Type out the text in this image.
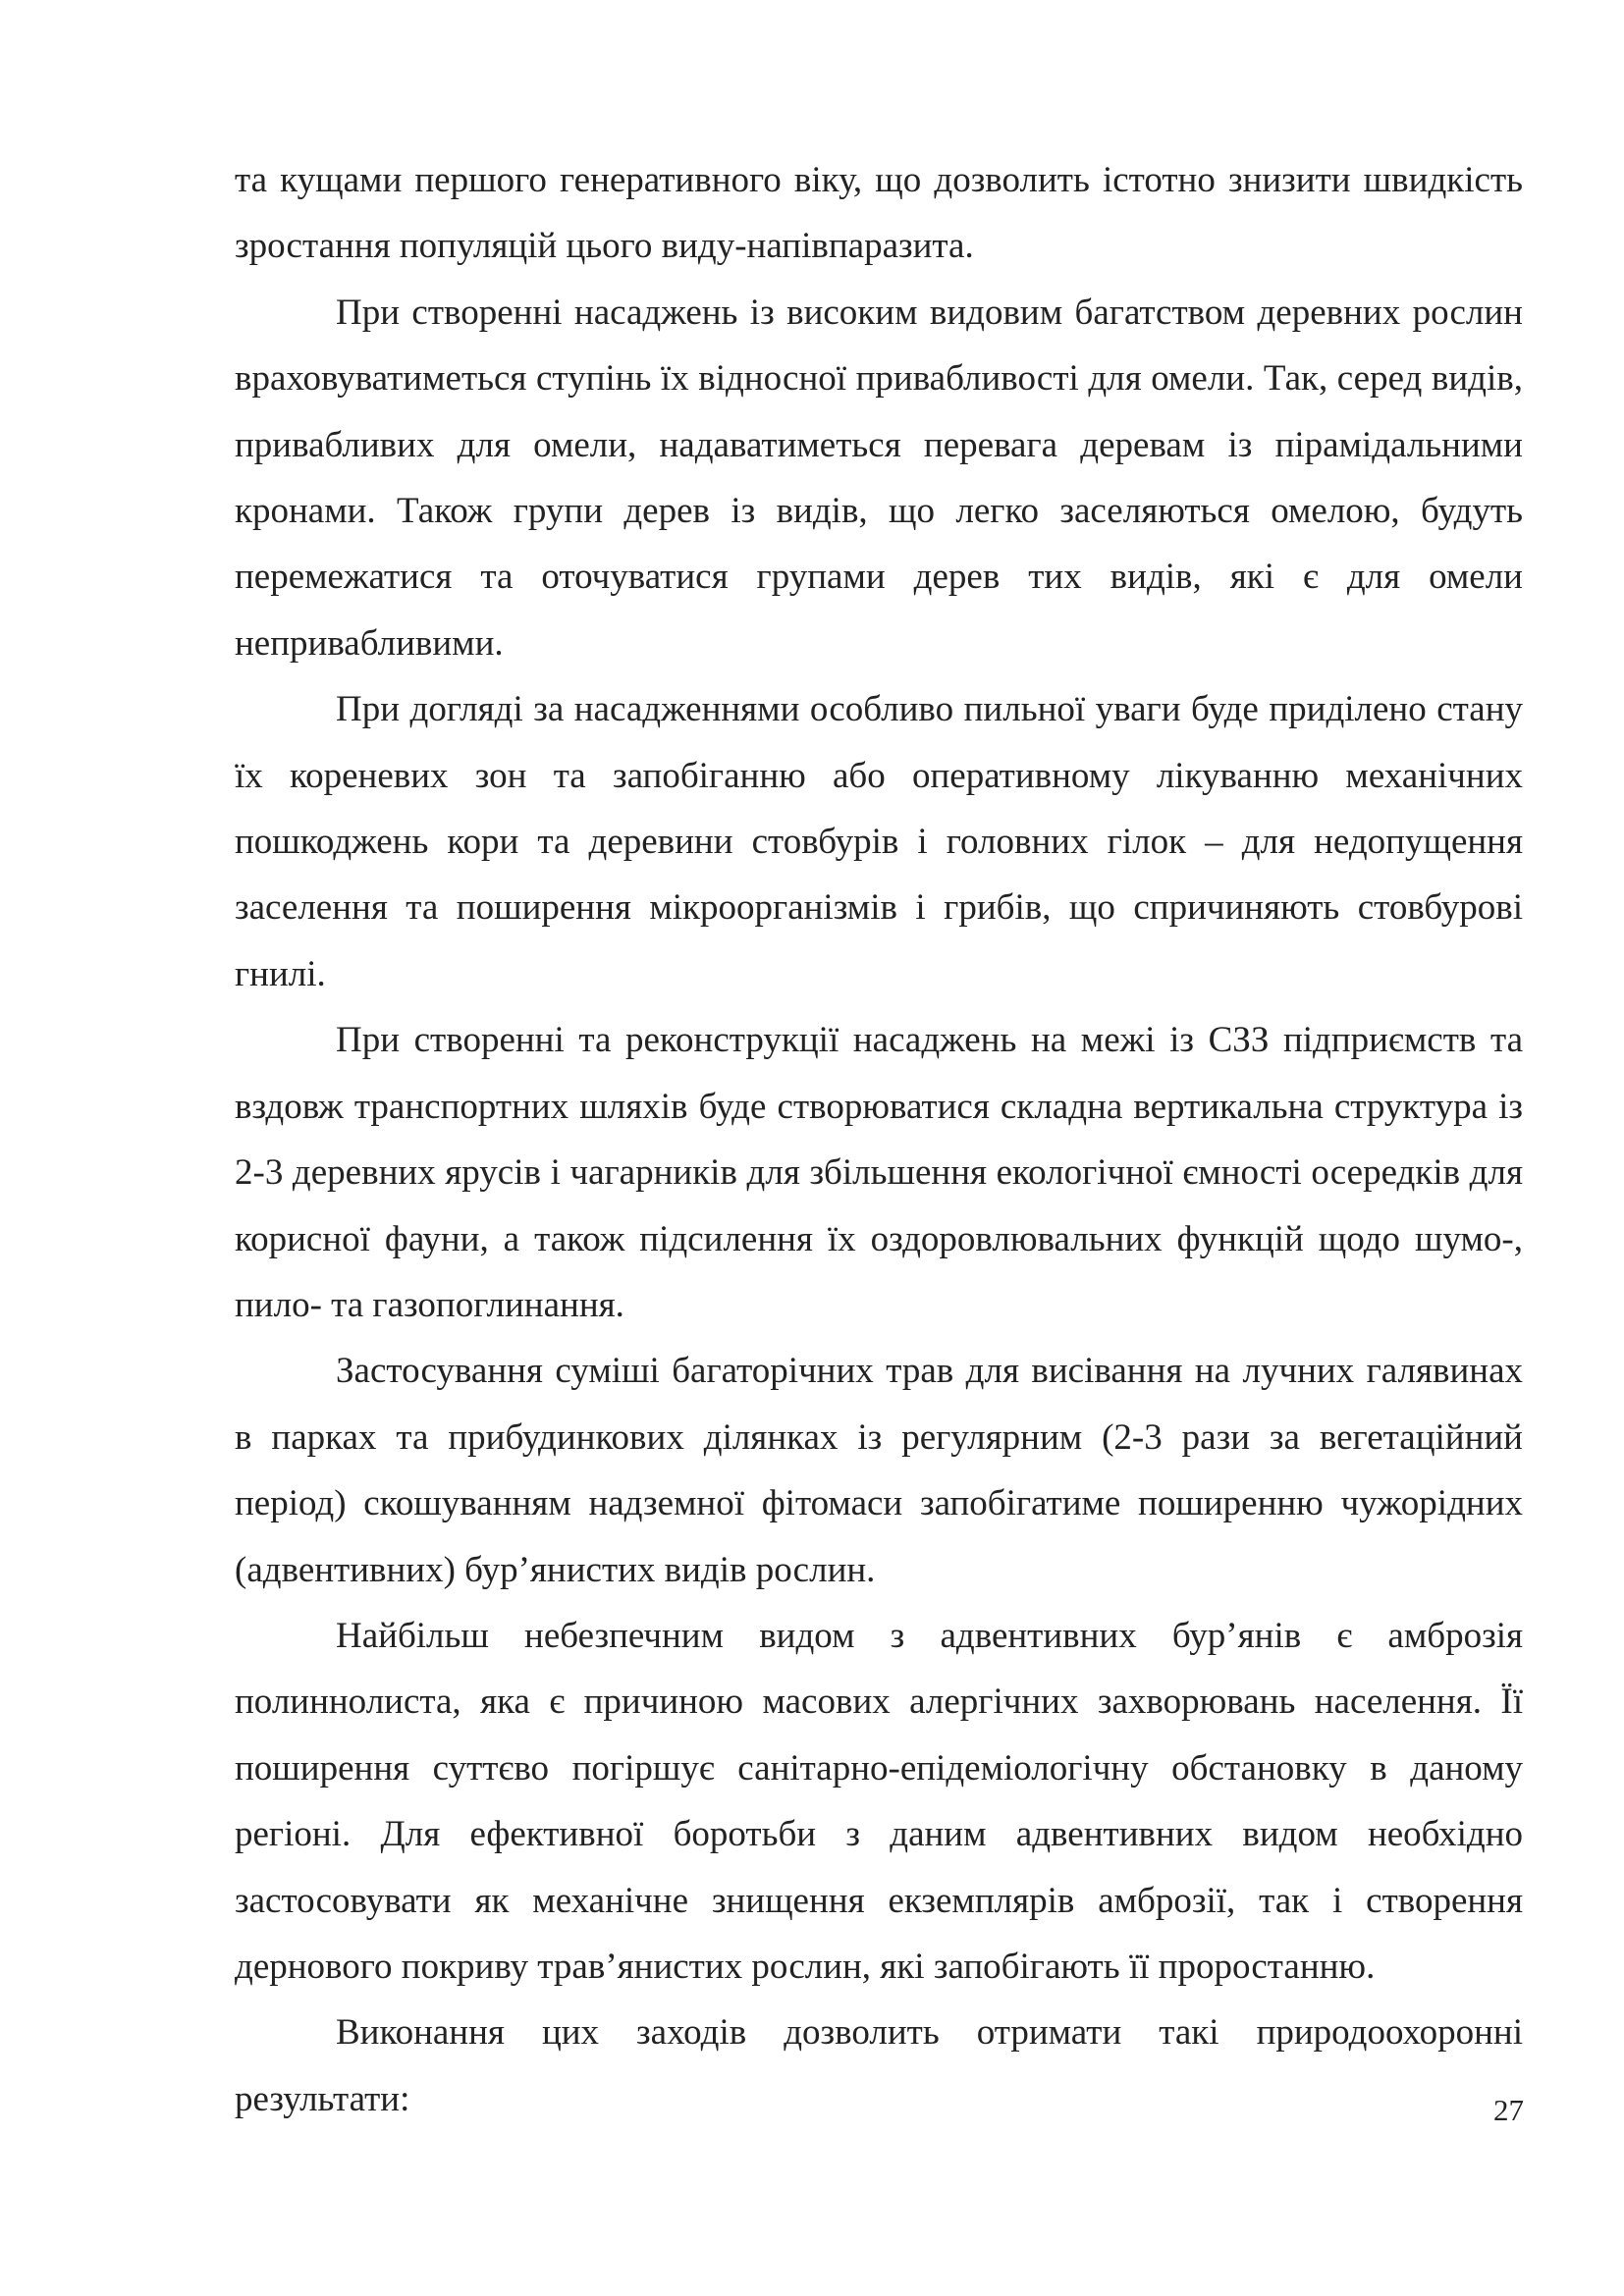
та кущами першого генеративного віку, що дозволить істотно знизити швидкість зростання популяцій цього виду-напівпаразита.

При створенні насаджень із високим видовим багатством деревних рослин враховуватиметься ступінь їх відносної привабливості для омели. Так, серед видів, привабливих для омели, надаватиметься перевага деревам із пірамідальними кронами. Також групи дерев із видів, що легко заселяються омелою, будуть перемежатися та оточуватися групами дерев тих видів, які є для омели непривабливими.

При догляді за насадженнями особливо пильної уваги буде приділено стану їх кореневих зон та запобіганню або оперативному лікуванню механічних пошкоджень кори та деревини стовбурів і головних гілок – для недопущення заселення та поширення мікроорганізмів і грибів, що спричиняють стовбурові гнилі.

При створенні та реконструкції насаджень на межі із СЗЗ підприємств та вздовж транспортних шляхів буде створюватися складна вертикальна структура із 2-3 деревних ярусів і чагарників для збільшення екологічної ємності осередків для корисної фауни, а також підсилення їх оздоровлювальних функцій щодо шумо-, пило- та газопоглинання.

Застосування суміші багаторічних трав для висівання на лучних галявинах в парках та прибудинкових ділянках із регулярним (2-3 рази за вегетаційний період) скошуванням надземної фітомаси запобігатиме поширенню чужорідних (адвентивних) бур’янистих видів рослин.

Найбільш небезпечним видом з адвентивних бур’янів є амброзія полиннолиста, яка є причиною масових алергічних захворювань населення. Її поширення суттєво погіршує санітарно-епідеміологічну обстановку в даному регіоні. Для ефективної боротьби з даним адвентивних видом необхідно застосовувати як механічне знищення екземплярів амброзії, так і створення дернового покриву трав’янистих рослин, які запобігають її проростанню.

Виконання цих заходів дозволить отримати такі природоохоронні результати:	27
